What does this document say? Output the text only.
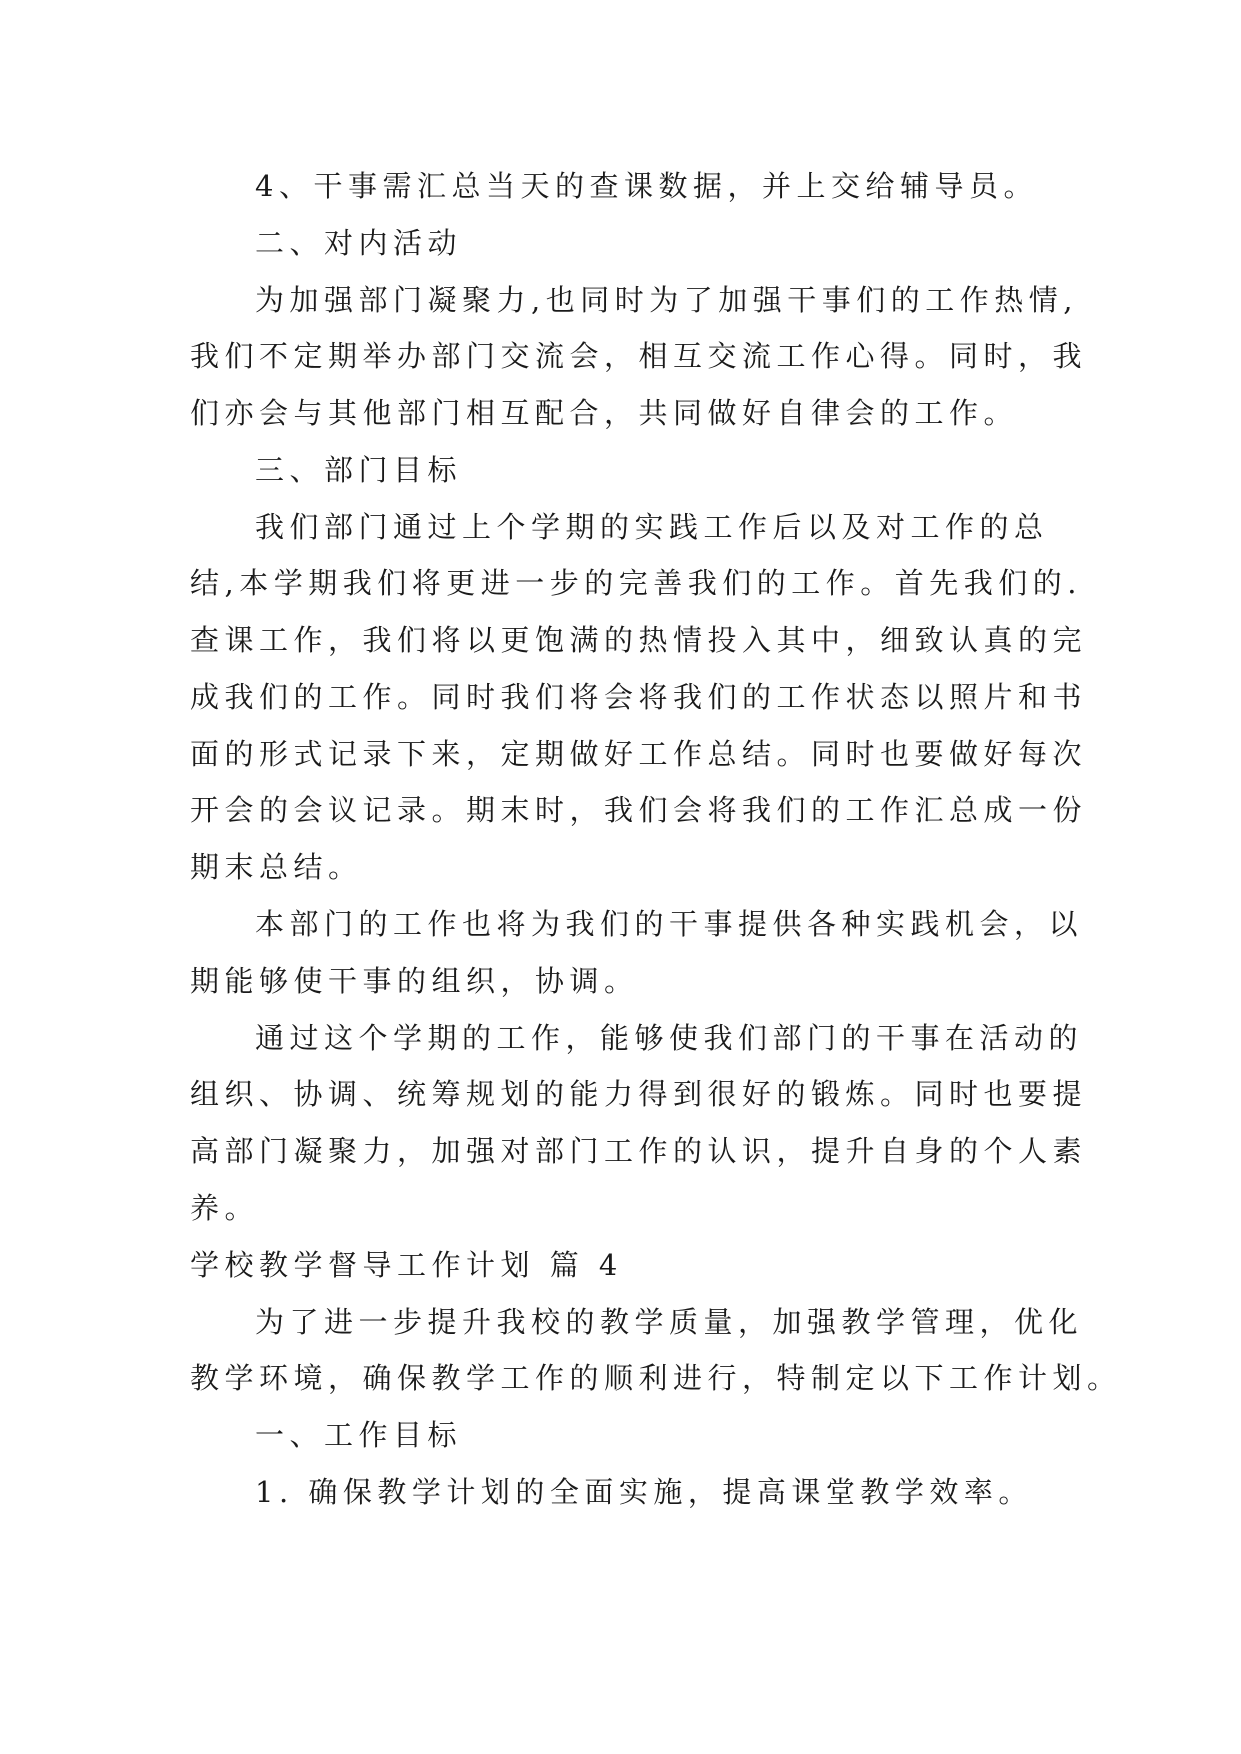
4、干事需汇总当天的查课数据，并上交给辅导员。
二、对内活动
为加强部门凝聚力,也同时为了加强干事们的工作热情,
我们不定期举办部门交流会，相互交流工作心得。同时，我
们亦会与其他部门相互配合，共同做好自律会的工作。
三、部门目标
我们部门通过上个学期的实践工作后以及对工作的总
结,本学期我们将更进一步的完善我们的工作。首先我们的.
查课工作，我们将以更饱满的热情投入其中，细致认真的完
成我们的工作。同时我们将会将我们的工作状态以照片和书
面的形式记录下来，定期做好工作总结。同时也要做好每次
开会的会议记录。期末时，我们会将我们的工作汇总成一份
期末总结。
本部门的工作也将为我们的干事提供各种实践机会，以
期能够使干事的组织，协调。
通过这个学期的工作，能够使我们部门的干事在活动的
组织、协调、统筹规划的能力得到很好的锻炼。同时也要提
高部门凝聚力，加强对部门工作的认识，提升自身的个人素
养。
学校教学督导工作计划 篇 4
为了进一步提升我校的教学质量，加强教学管理，优化
教学环境，确保教学工作的顺利进行，特制定以下工作计划。
一、工作目标
1. 确保教学计划的全面实施，提高课堂教学效率。
